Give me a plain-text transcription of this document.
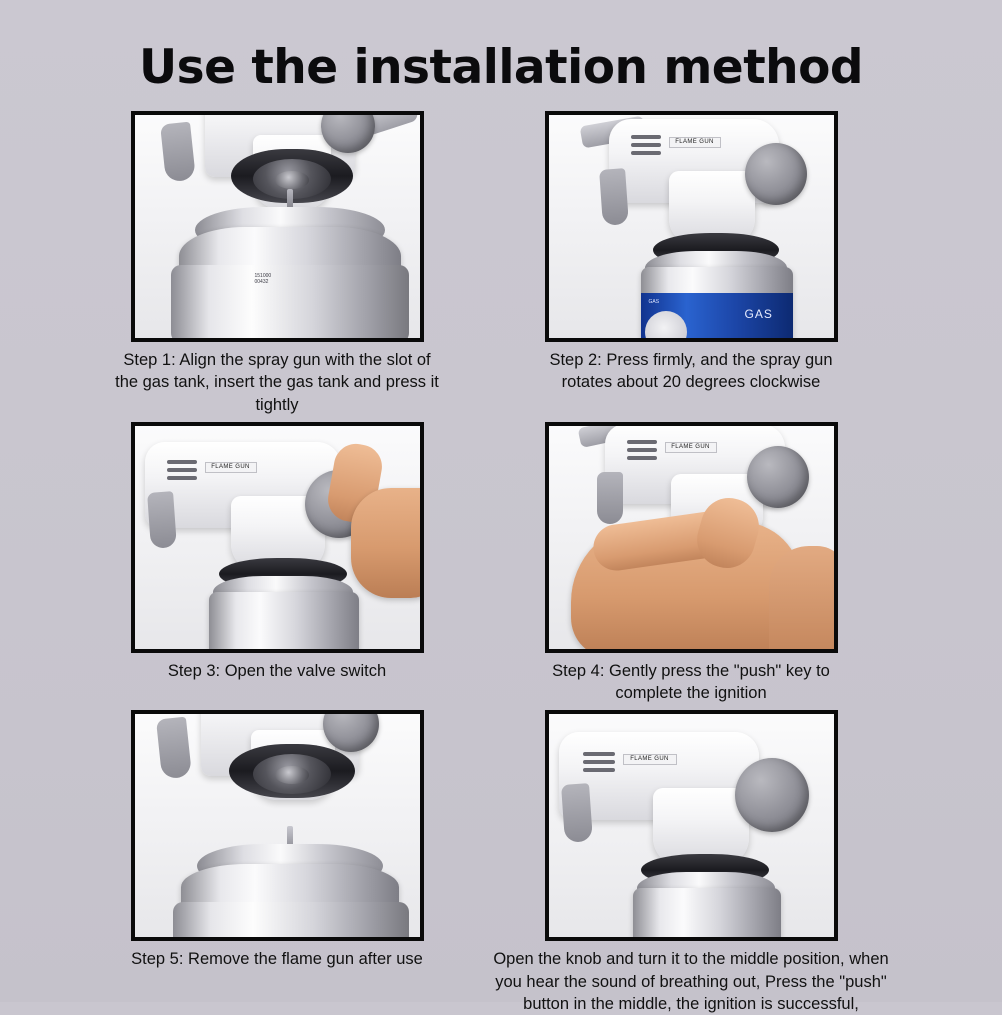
Use the installation method
151000
00432
Step 1: Align the spray gun with the slot of the gas tank, insert the gas tank and press it tightly
FLAME GUN
GAS
GAS
Step 2: Press firmly, and the spray gun rotates about 20 degrees clockwise
FLAME GUN
Step 3: Open the valve switch
FLAME GUN
Step 4: Gently press the "push" key to complete the ignition
Step 5: Remove the flame gun after use
FLAME GUN
Open the knob and turn it to the middle position, when you hear the sound of breathing out, Press the "push" button in the middle, the ignition is successful,
